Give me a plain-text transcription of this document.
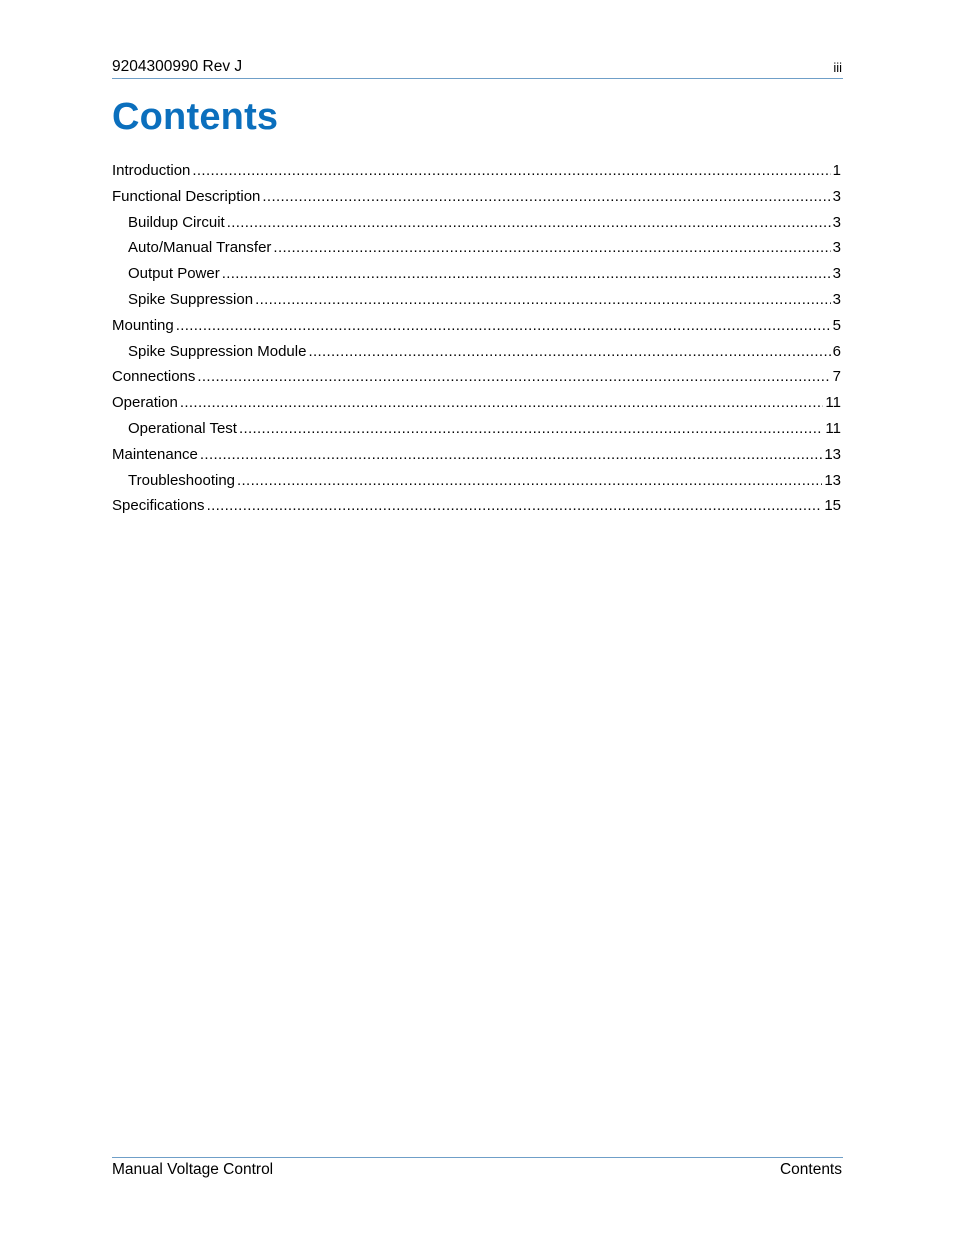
9204300990 Rev J	iii
Contents
Introduction .....	1
Functional Description .....	3
Buildup Circuit .....	3
Auto/Manual Transfer .....	3
Output Power .....	3
Spike Suppression .....	3
Mounting .....	5
Spike Suppression Module .....	6
Connections .....	7
Operation .....	11
Operational Test .....	11
Maintenance .....	13
Troubleshooting .....	13
Specifications .....	15
Manual Voltage Control	Contents
